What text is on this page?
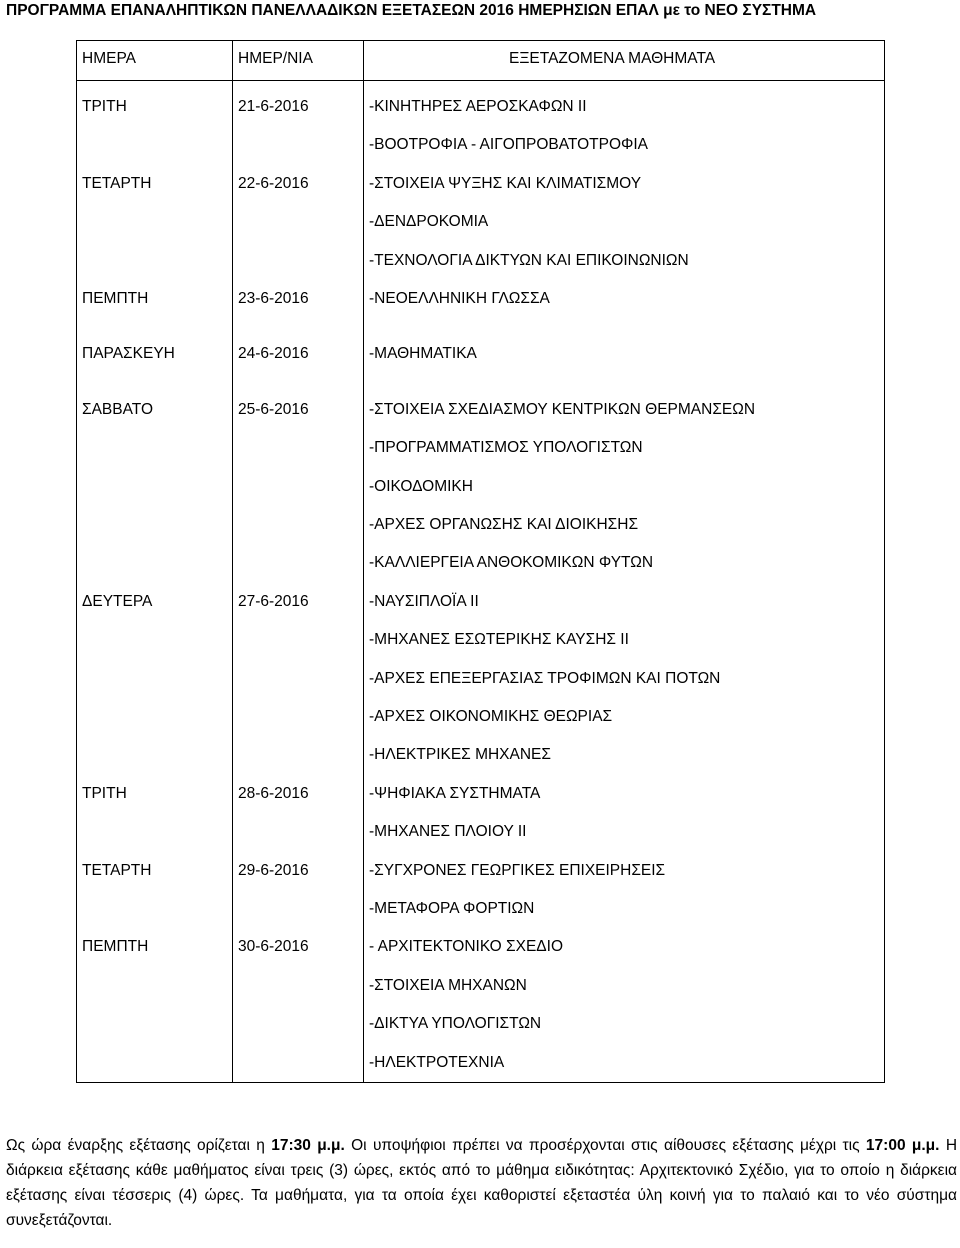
ΠΡΟΓΡΑΜΜΑ ΕΠΑΝΑΛΗΠΤΙΚΩΝ ΠΑΝΕΛΛΑΔΙΚΩΝ ΕΞΕΤΑΣΕΩΝ 2016 ΗΜΕΡΗΣΙΩΝ ΕΠΑΛ με το ΝΕΟ ΣΥΣΤΗΜΑ
ΗΜΕΡΑ	ΗΜΕΡ/ΝΙΑ	ΕΞΕΤΑΖΟΜΕΝΑ ΜΑΘΗΜΑΤΑ
ΤΡΙΤΗ	21-6-2016	-ΚΙΝΗΤΗΡΕΣ ΑΕΡΟΣΚΑΦΩΝ ΙΙ
-ΒΟΟΤΡΟΦΙΑ - ΑΙΓΟΠΡΟΒΑΤΟΤΡΟΦΙΑ
ΤΕΤΑΡΤΗ	22-6-2016	-ΣΤΟΙΧΕΙΑ ΨΥΞΗΣ ΚΑΙ ΚΛΙΜΑΤΙΣΜΟΥ
-ΔΕΝΔΡΟΚΟΜΙΑ
-ΤΕΧΝΟΛΟΓΙΑ ΔΙΚΤΥΩΝ ΚΑΙ ΕΠΙΚΟΙΝΩΝΙΩΝ
ΠΕΜΠΤΗ	23-6-2016	-ΝΕΟΕΛΛΗΝΙΚΗ ΓΛΩΣΣΑ
ΠΑΡΑΣΚΕΥΗ	24-6-2016	-ΜΑΘΗΜΑΤΙΚΑ
ΣΑΒΒΑΤΟ	25-6-2016	-ΣΤΟΙΧΕΙΑ ΣΧΕΔΙΑΣΜΟΥ ΚΕΝΤΡΙΚΩΝ ΘΕΡΜΑΝΣΕΩΝ
-ΠΡΟΓΡΑΜΜΑΤΙΣΜΟΣ ΥΠΟΛΟΓΙΣΤΩΝ
-ΟΙΚΟΔΟΜΙΚΗ
-ΑΡΧΕΣ ΟΡΓΑΝΩΣΗΣ ΚΑΙ ΔΙΟΙΚΗΣΗΣ
-ΚΑΛΛΙΕΡΓΕΙΑ ΑΝΘΟΚΟΜΙΚΩΝ ΦΥΤΩΝ
ΔΕΥΤΕΡΑ	27-6-2016	-ΝΑΥΣΙΠΛΟΪΑ ΙΙ
-ΜΗΧΑΝΕΣ ΕΣΩΤΕΡΙΚΗΣ ΚΑΥΣΗΣ ΙΙ
-ΑΡΧΕΣ ΕΠΕΞΕΡΓΑΣΙΑΣ ΤΡΟΦΙΜΩΝ ΚΑΙ ΠΟΤΩΝ
-ΑΡΧΕΣ ΟΙΚΟΝΟΜΙΚΗΣ ΘΕΩΡΙΑΣ
-ΗΛΕΚΤΡΙΚΕΣ ΜΗΧΑΝΕΣ
ΤΡΙΤΗ	28-6-2016	-ΨΗΦΙΑΚΑ ΣΥΣΤΗΜΑΤΑ
-ΜΗΧΑΝΕΣ ΠΛΟΙΟΥ ΙΙ
ΤΕΤΑΡΤΗ	29-6-2016	-ΣΥΓΧΡΟΝΕΣ ΓΕΩΡΓΙΚΕΣ ΕΠΙΧΕΙΡΗΣΕΙΣ
-ΜΕΤΑΦΟΡΑ ΦΟΡΤΙΩΝ
ΠΕΜΠΤΗ	30-6-2016	- ΑΡΧΙΤΕΚΤΟΝΙΚΟ ΣΧΕΔΙΟ
-ΣΤΟΙΧΕΙΑ ΜΗΧΑΝΩΝ
-ΔΙΚΤΥΑ ΥΠΟΛΟΓΙΣΤΩΝ
-ΗΛΕΚΤΡΟΤΕΧΝΙΑ

Ως ώρα έναρξης εξέτασης ορίζεται η 17:30 μ.μ. Οι υποψήφιοι πρέπει να προσέρχονται στις αίθουσες εξέτασης μέχρι τις 17:00 μ.μ. Η διάρκεια εξέτασης κάθε μαθήματος είναι τρεις (3) ώρες, εκτός από το μάθημα ειδικότητας: Αρχιτεκτονικό Σχέδιο, για το οποίο η διάρκεια εξέτασης είναι τέσσερις (4) ώρες. Τα μαθήματα, για τα οποία έχει καθοριστεί εξεταστέα ύλη κοινή για το παλαιό και το νέο σύστημα συνεξετάζονται.
